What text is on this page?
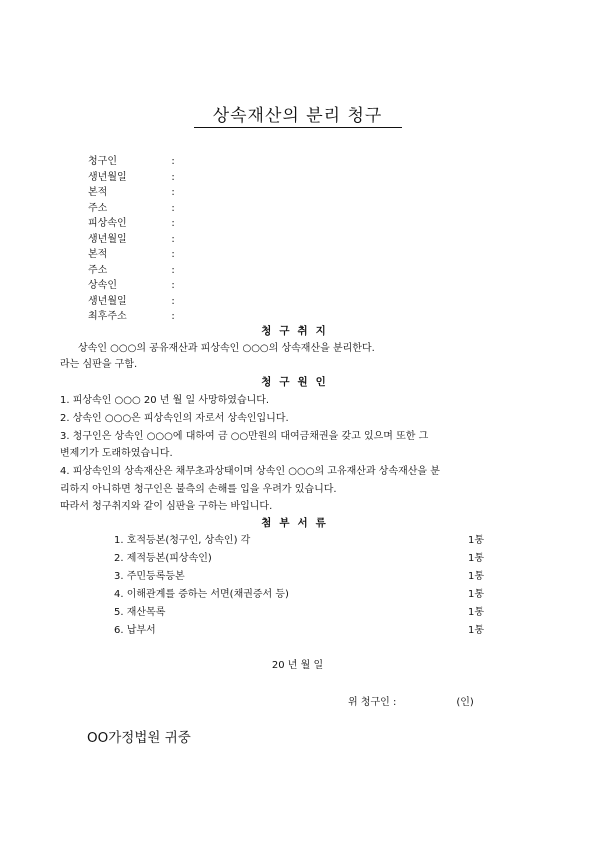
상속재산의 분리 청구
청구인	:
생년월일	:
본적	:
주소	:
피상속인	:
생년월일	:
본적	:
주소	:
상속인	:
생년월일	:
최후주소	:
청구취지
상속인 ○○○의 공유재산과 피상속인 ○○○의 상속재산을 분리한다.
라는 심판을 구함.
청구원인
1. 피상속인 ○○○ 20 년 월 일 사망하였습니다.
2. 상속인 ○○○은 피상속인의 자로서 상속인입니다.
3. 청구인은 상속인 ○○○에 대하여 금 ○○만원의 대여금채권을 갖고 있으며 또한 그
변제기가 도래하였습니다.
4. 피상속인의 상속재산은 채무초과상태이며 상속인 ○○○의 고유재산과 상속재산을 분
리하지 아니하면 청구인은 불측의 손해를 입을 우려가 있습니다.
따라서 청구취지와 같이 심판을 구하는 바입니다.
첨부서류
1. 호적등본(청구인, 상속인) 각	1통
2. 제적등본(피상속인)	1통
3. 주민등록등본	1통
4. 이해관계를 증하는 서면(채권증서 등)	1통
5. 재산목록	1통
6. 납부서	1통
20 년 월 일
위 청구인 :	(인)
OO가정법원 귀중
